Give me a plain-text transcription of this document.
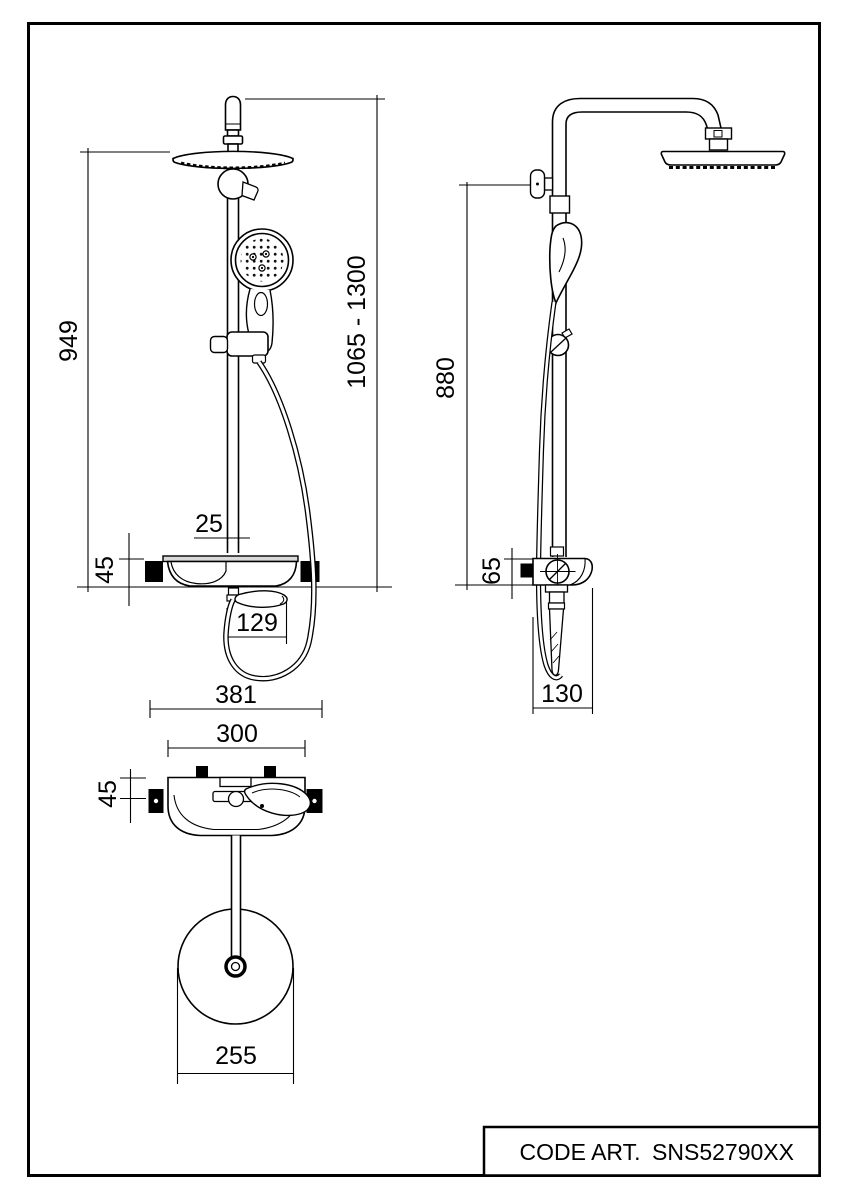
25
129
949	1065 - 1300
45
880
65
130
381
300
45
255
CODE ART. SNS52790XX
